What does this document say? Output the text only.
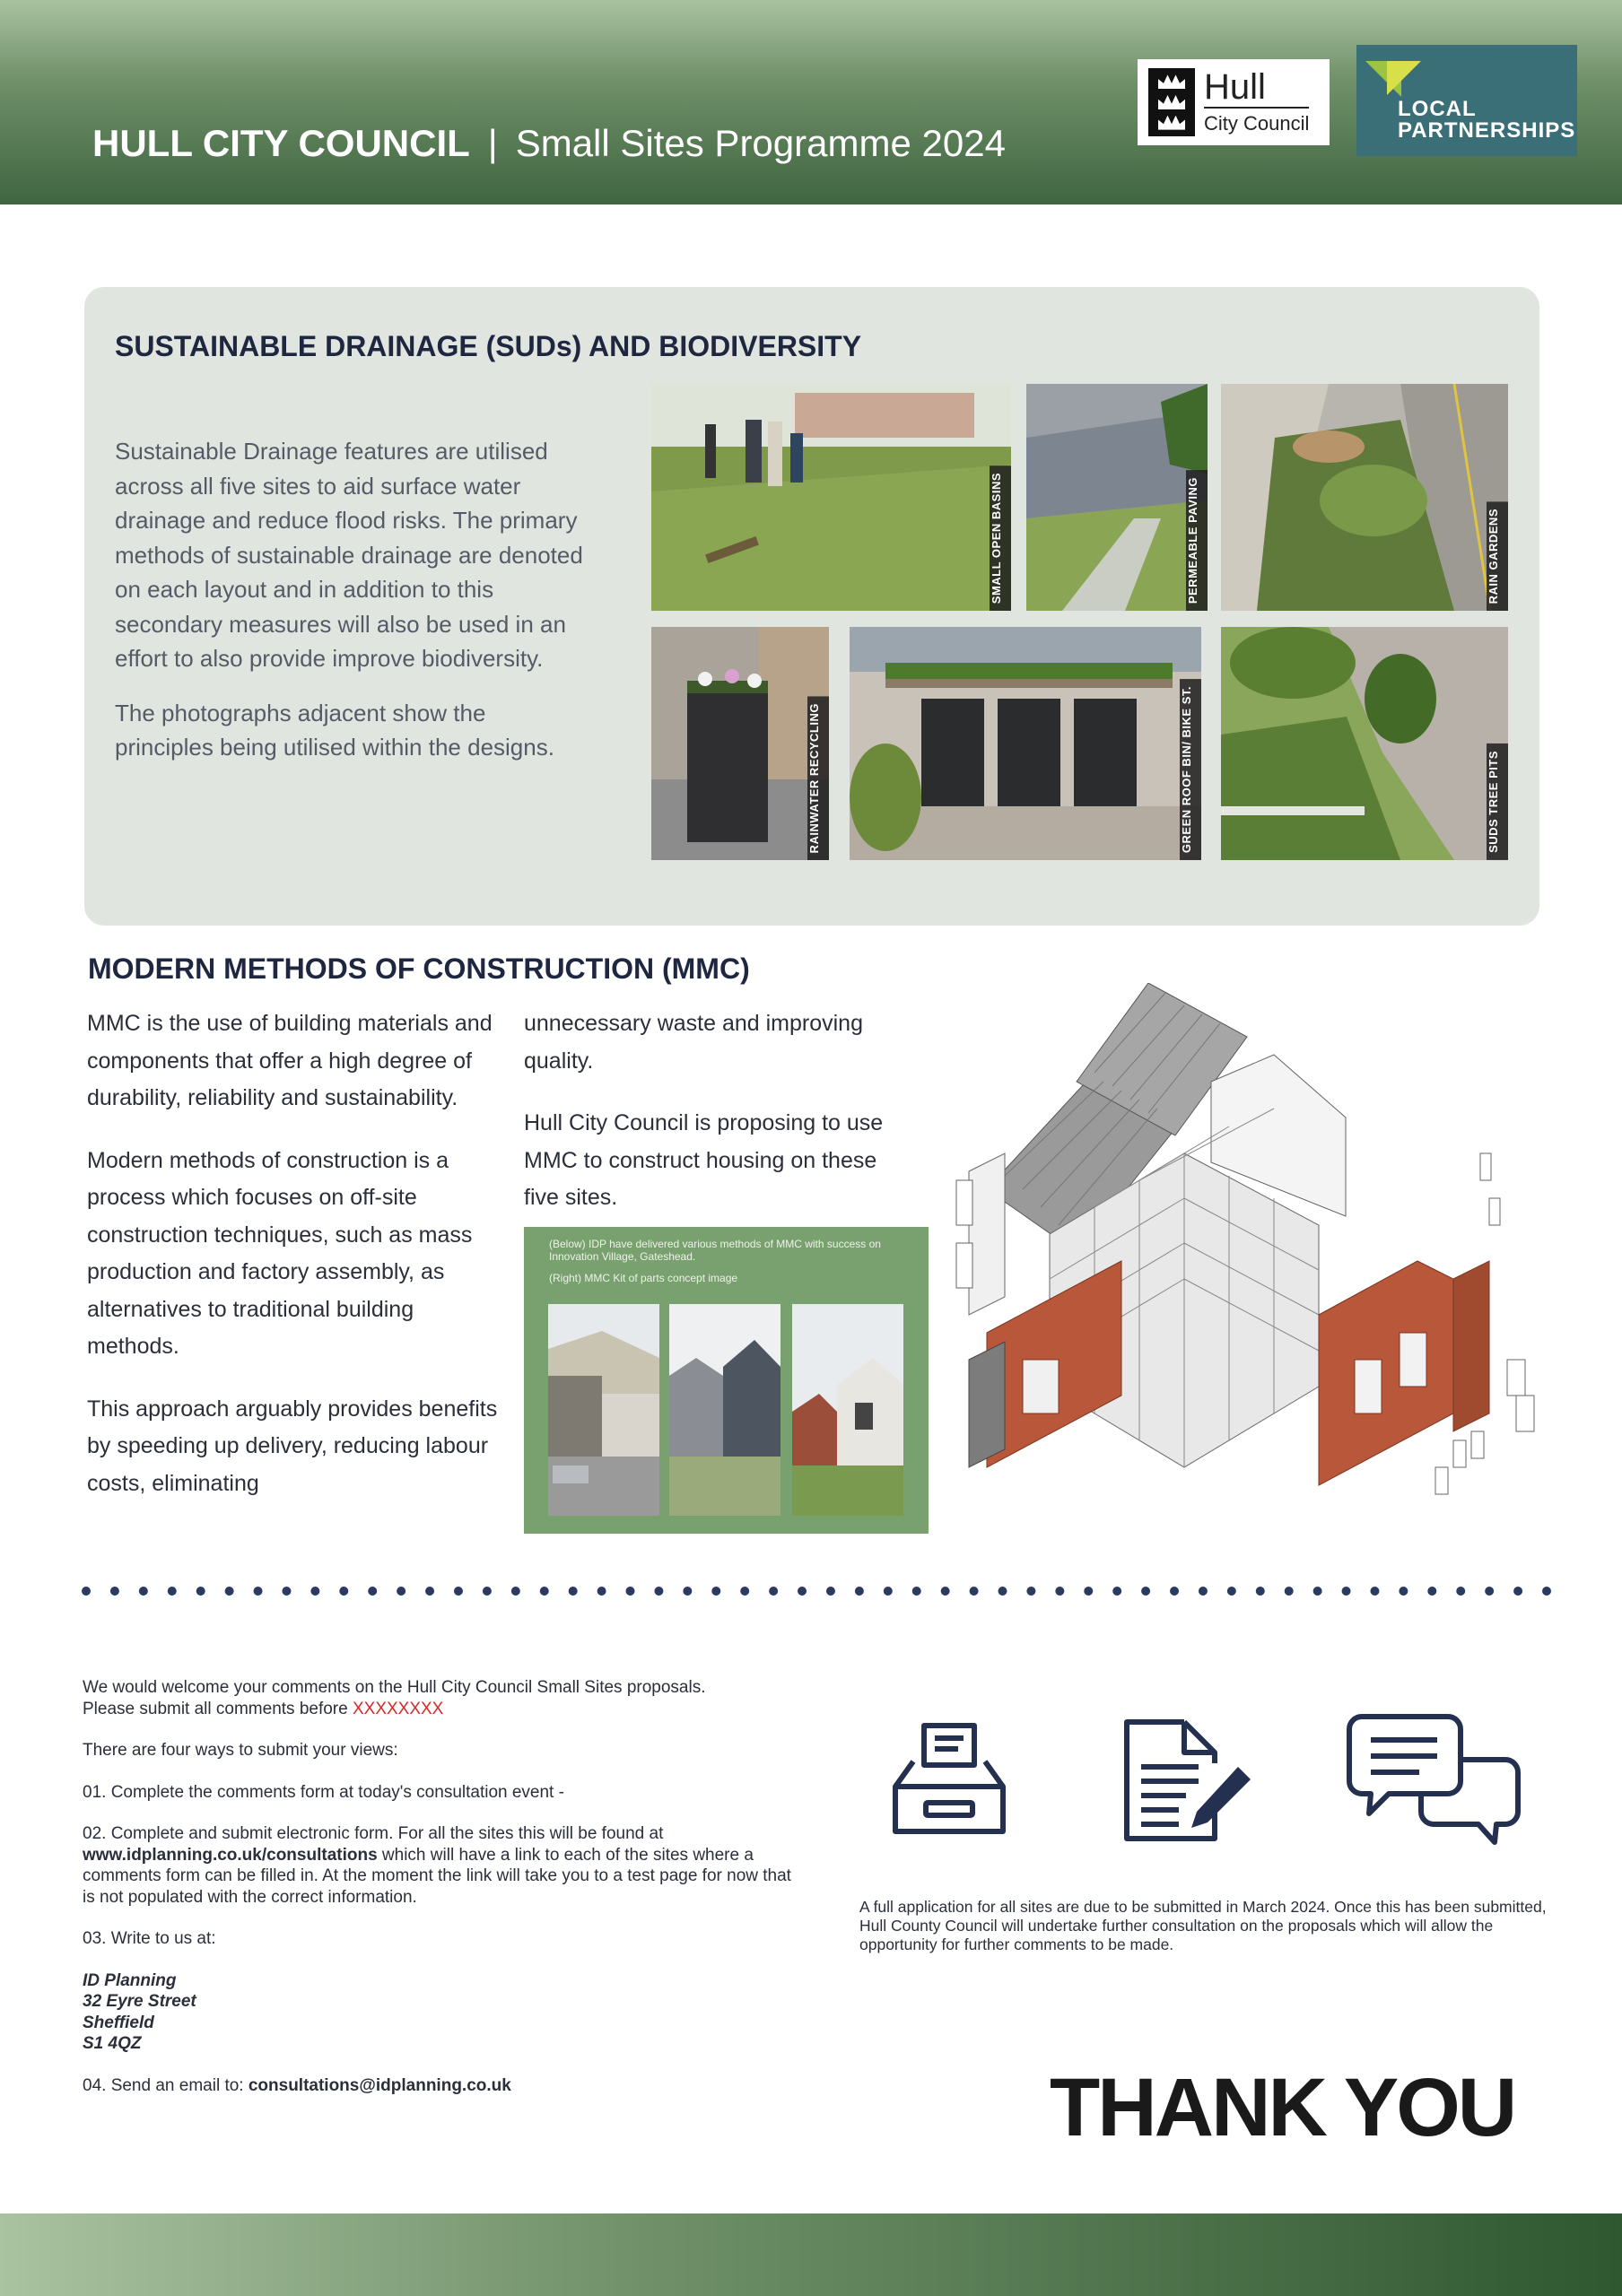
HULL CITY COUNCIL | Small Sites Programme 2024
Hull
City Council
LOCAL
PARTNERSHIPS
SUSTAINABLE DRAINAGE (SUDs) AND BIODIVERSITY

Sustainable Drainage features are utilised across all five sites to aid surface water drainage and reduce flood risks. The primary methods of sustainable drainage are denoted on each layout and in addition to this secondary measures will also be used in an effort to also provide improve biodiversity.

The photographs adjacent show the principles being utilised within the designs.

SMALL OPEN BASINS	PERMEABLE PAVING	RAIN GARDENS
RAINWATER RECYCLING	GREEN ROOF BIN/ BIKE ST.	SUDS TREE PITS
MODERN METHODS OF CONSTRUCTION (MMC)

MMC is the use of building materials and components that offer a high degree of durability, reliability and sustainability.

Modern methods of construction is a process which focuses on off-site construction techniques, such as mass production and factory assembly, as alternatives to traditional building methods.

This approach arguably provides benefits by speeding up delivery, reducing labour costs, eliminating

unnecessary waste and improving quality.

Hull City Council is proposing to use MMC to construct housing on these five sites.

(Below) IDP have delivered various methods of MMC with success on Innovation Village, Gateshead.
(Right) MMC Kit of parts concept image
We would welcome your comments on the Hull City Council Small Sites proposals.
Please submit all comments before XXXXXXXX
There are four ways to submit your views:
01. Complete the comments form at today's consultation event -
02. Complete and submit electronic form. For all the sites this will be found at
www.idplanning.co.uk/consultations which will have a link to each of the sites where a comments form can be filled in. At the moment the link will take you to a test page for now that is not populated with the correct information.
03. Write to us at:
ID Planning
32 Eyre Street
Sheffield
S1 4QZ
04. Send an email to: consultations@idplanning.co.uk
A full application for all sites are due to be submitted in March 2024. Once this has been submitted, Hull County Council will undertake further consultation on the proposals which will allow the opportunity for further comments to be made.
THANK YOU
